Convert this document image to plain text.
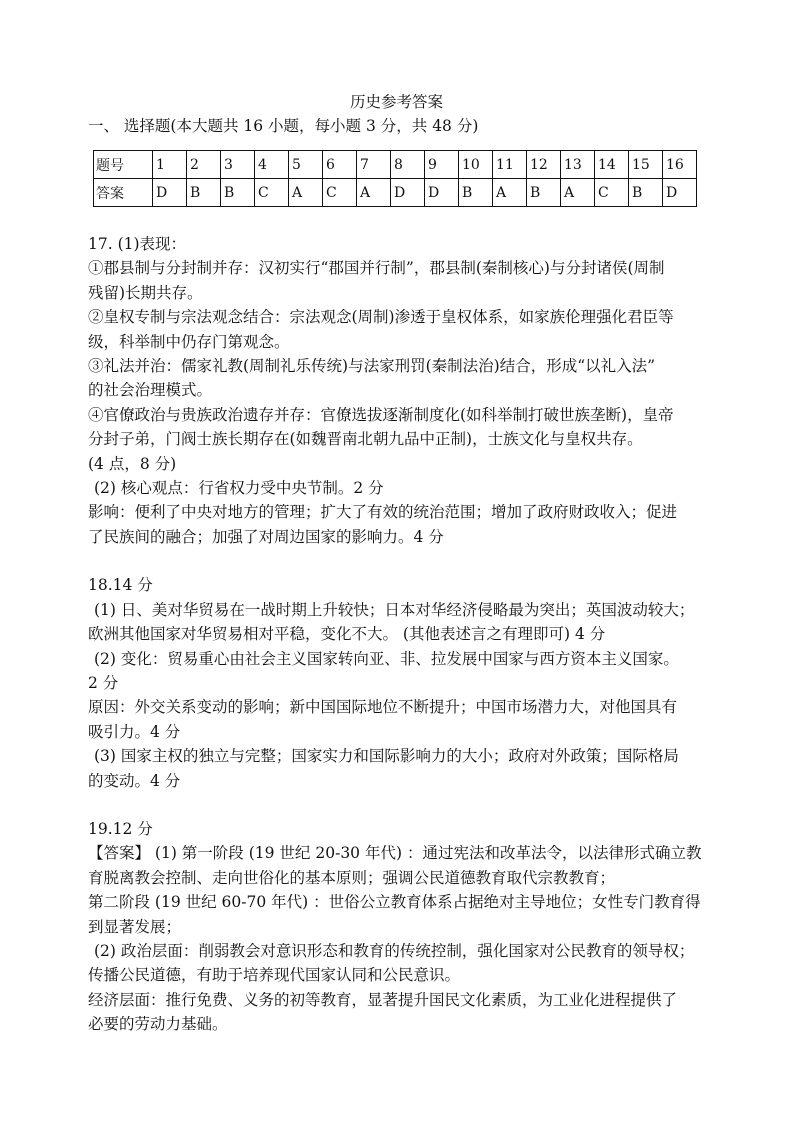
历史参考答案
一、 选择题(本大题共 16 小题，每小题 3 分，共 48 分)
题号	1	2	3	4	5	6	7	8	9	10	11	12	13	14	15	16
答案	D	B	B	C	A	C	A	D	D	B	A	B	A	C	B	D

17. (1)表现：

①郡县制与分封制并存：汉初实行“郡国并行制”，郡县制(秦制核心)与分封诸侯(周制

残留)长期共存。

②皇权专制与宗法观念结合：宗法观念(周制)渗透于皇权体系，如家族伦理强化君臣等

级，科举制中仍存门第观念。

③礼法并治：儒家礼教(周制礼乐传统)与法家刑罚(秦制法治)结合，形成“以礼入法”

的社会治理模式。

④官僚政治与贵族政治遗存并存：官僚选拔逐渐制度化(如科举制打破世族垄断)，皇帝

分封子弟，门阀士族长期存在(如魏晋南北朝九品中正制)，士族文化与皇权共存。

(4 点，8 分)

(2) 核心观点：行省权力受中央节制。2 分

影响：便利了中央对地方的管理；扩大了有效的统治范围；增加了政府财政收入；促进

了民族间的融合；加强了对周边国家的影响力。4 分

18.14 分

(1) 日、美对华贸易在一战时期上升较快；日本对华经济侵略最为突出；英国波动较大；

欧洲其他国家对华贸易相对平稳，变化不大。 (其他表述言之有理即可) 4 分

(2) 变化：贸易重心由社会主义国家转向亚、非、拉发展中国家与西方资本主义国家。

2 分

原因：外交关系变动的影响；新中国国际地位不断提升；中国市场潜力大，对他国具有

吸引力。4 分

(3) 国家主权的独立与完整；国家实力和国际影响力的大小；政府对外政策；国际格局

的变动。4 分

19.12 分

【答案】 (1) 第一阶段 (19 世纪 20-30 年代) ：通过宪法和改革法令，以法律形式确立教

育脱离教会控制、走向世俗化的基本原则；强调公民道德教育取代宗教教育；

第二阶段 (19 世纪 60-70 年代) ：世俗公立教育体系占据绝对主导地位；女性专门教育得

到显著发展；

(2) 政治层面：削弱教会对意识形态和教育的传统控制，强化国家对公民教育的领导权；

传播公民道德，有助于培养现代国家认同和公民意识。

经济层面：推行免费、义务的初等教育，显著提升国民文化素质，为工业化进程提供了

必要的劳动力基础。
